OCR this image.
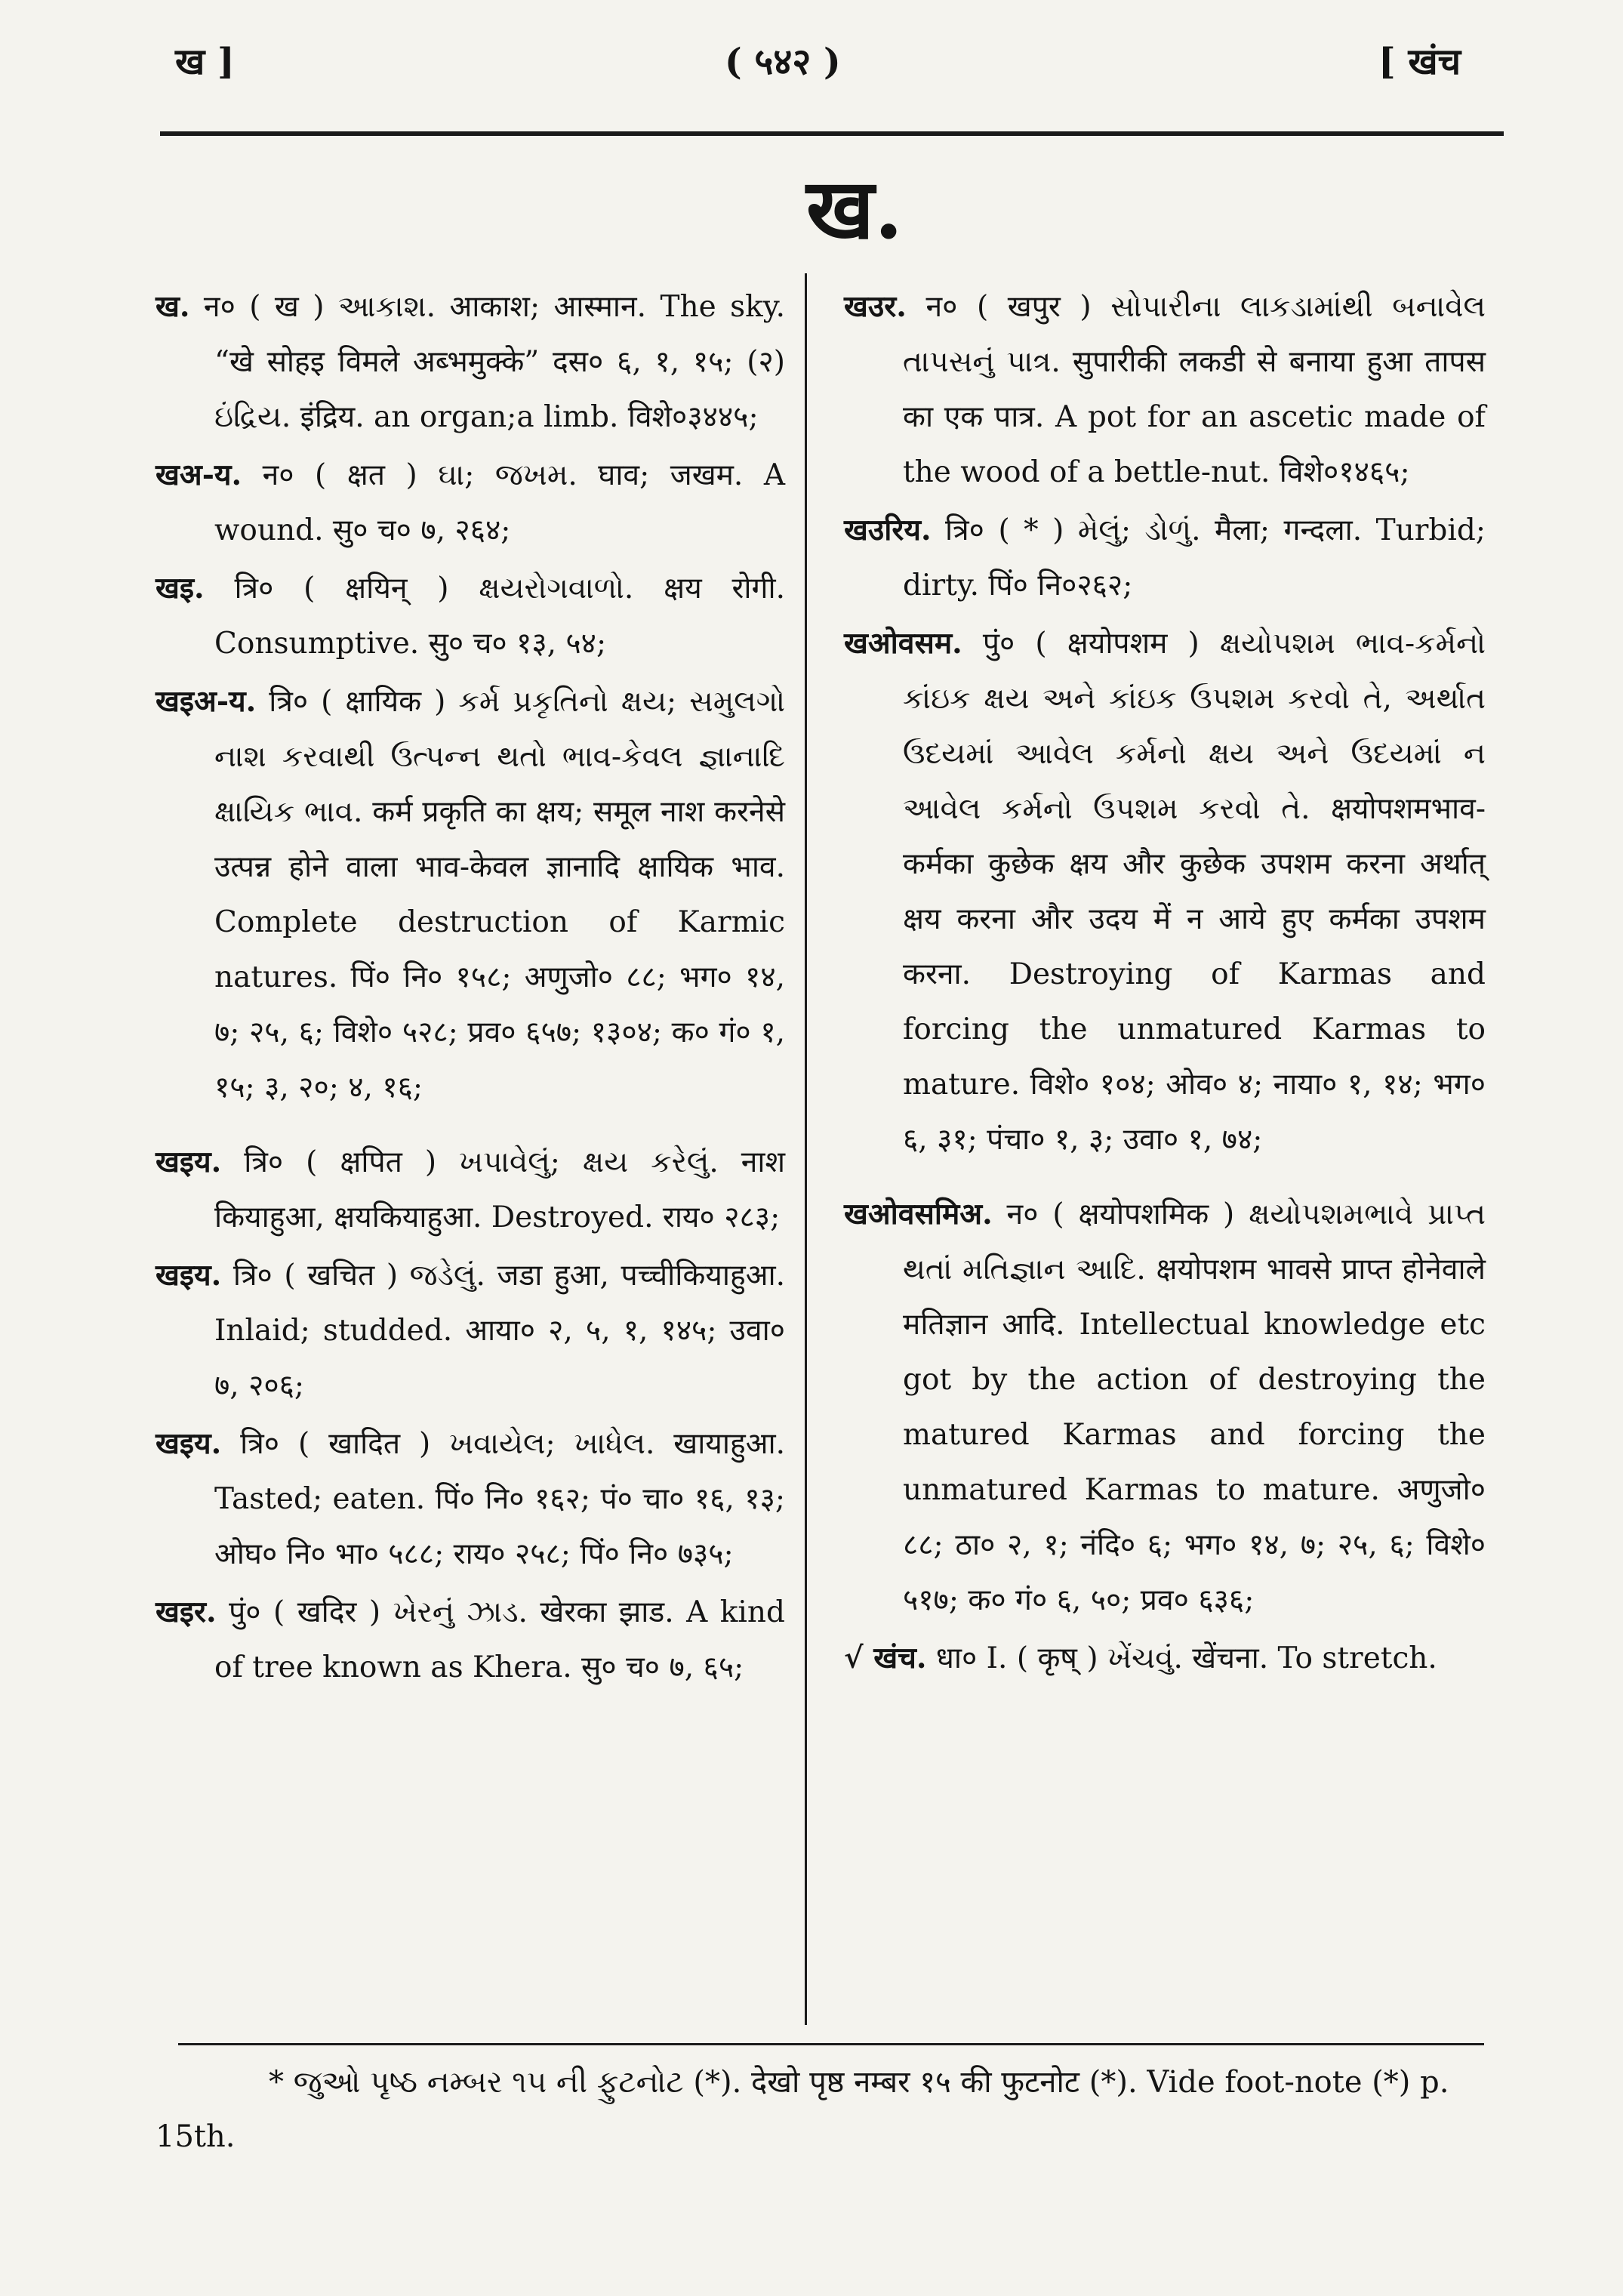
ख ]	( ५४२ )	[ खंच
ख.

ख. न० ( ख ) આકાશ. आकाश; आस्मान. The sky. “खे सोहइ विमले अब्भमुक्के” दस० ६, १, १५; (२) ઇંદ્રિય. इंद्रिय. an organ;a limb. विशे०३४४५;

खअ-य. न० ( क्षत ) ઘા; જખમ. घाव; जखम. A wound. सु० च० ७, २६४;

खइ. त्रि० ( क्षयिन् ) ક્ષયરોગવાળો. क्षय रोगी. Consumptive. सु० च० १३, ५४;

खइअ-य. त्रि० ( क्षायिक ) કર્મ પ્રકૃતિનો ક્ષય; સમુલગો નાશ કરવાથી ઉત્પન્ન થતો ભાવ-કેવલ જ્ઞાનાદિ ક્ષાયિક ભાવ. कर्म प्रकृति का क्षय; समूल नाश करनेसे उत्पन्न होने वाला भाव-केवल ज्ञानादि क्षायिक भाव. Complete destruction of Karmic natures. पिं० नि० १५८; अणुजो० ८८; भग० १४, ७; २५, ६; विशे० ५२८; प्रव० ६५७; १३०४; क० गं० १, १५; ३, २०; ४, १६;

खइय. त्रि० ( क्षपित ) ખપાવેલું; ક્ષય કરેલું. नाश कियाहुआ, क्षयकियाहुआ. Destroyed. राय० २८३;

खइय. त्रि० ( खचित ) જડેલું. जडा हुआ, पच्चीकियाहुआ. Inlaid; studded. आया० २, ५, १, १४५; उवा० ७, २०६;

खइय. त्रि० ( खादित ) ખવાયેલ; ખાધેલ. खायाहुआ. Tasted; eaten. पिं० नि० १६२; पं० चा० १६, १३; ओघ० नि० भा० ५८८; राय० २५८; पिं० नि० ७३५;

खइर. पुं० ( खदिर ) ખેરનું ઝાડ. खेरका झाड. A kind of tree known as Khera. सु० च० ७, ६५;

खउर. न० ( खपुर ) સોપારીના લાકડામાંથી બનાવેલ તાપસનું પાત્ર. सुपारीकी लकडी से बनाया हुआ तापस का एक पात्र. A pot for an ascetic made of the wood of a bettle-nut. विशे०१४६५;

खउरिय. त्रि० ( * ) મેલું; ડોળું. मैला; गन्दला. Turbid; dirty. पिं० नि०२६२;

खओवसम. पुं० ( क्षयोपशम ) ક્ષયોપશમ ભાવ-કર્મનો કાંઇક ક્ષય અને કાંઇક ઉપશમ કરવો તે, અર્થાત ઉદયમાં આવેલ કર્મનો ક્ષય અને ઉદયમાં ન આવેલ કર્મનો ઉપશમ કરવો તે. क्षयोपशमभाव-कर्मका कुछेक क्षय और कुछेक उपशम करना अर्थात् क्षय करना और उदय में न आये हुए कर्मका उपशम करना. Destroying of Karmas and forcing the unmatured Karmas to mature. विशे० १०४; ओव० ४; नाया० १, १४; भग० ६, ३१; पंचा० १, ३; उवा० १, ७४;

खओवसमिअ. न० ( क्षयोपशमिक ) ક્ષયોપશમભાવે પ્રાપ્ત થતાં મતિજ્ઞાન આદિ. क्षयोपशम भावसे प्राप्त होनेवाले मतिज्ञान आदि. Intellectual knowledge etc got by the action of destroying the matured Karmas and forcing the unmatured Karmas to mature. अणुजो० ८८; ठा० २, १; नंदि० ६; भग० १४, ७; २५, ६; विशे० ५१७; क० गं० ६, ५०; प्रव० ६३६;

√ खंच. धा० I. ( कृष् ) ખેંચવું. खेंचना. To stretch.

* જુઓ પૃષ્ઠ નમ્બર ૧૫ ની ફુટનોટ (*). देखो पृष्ठ नम्बर १५ की फुटनोट (*). Vide foot-note (*) p. 15th.
